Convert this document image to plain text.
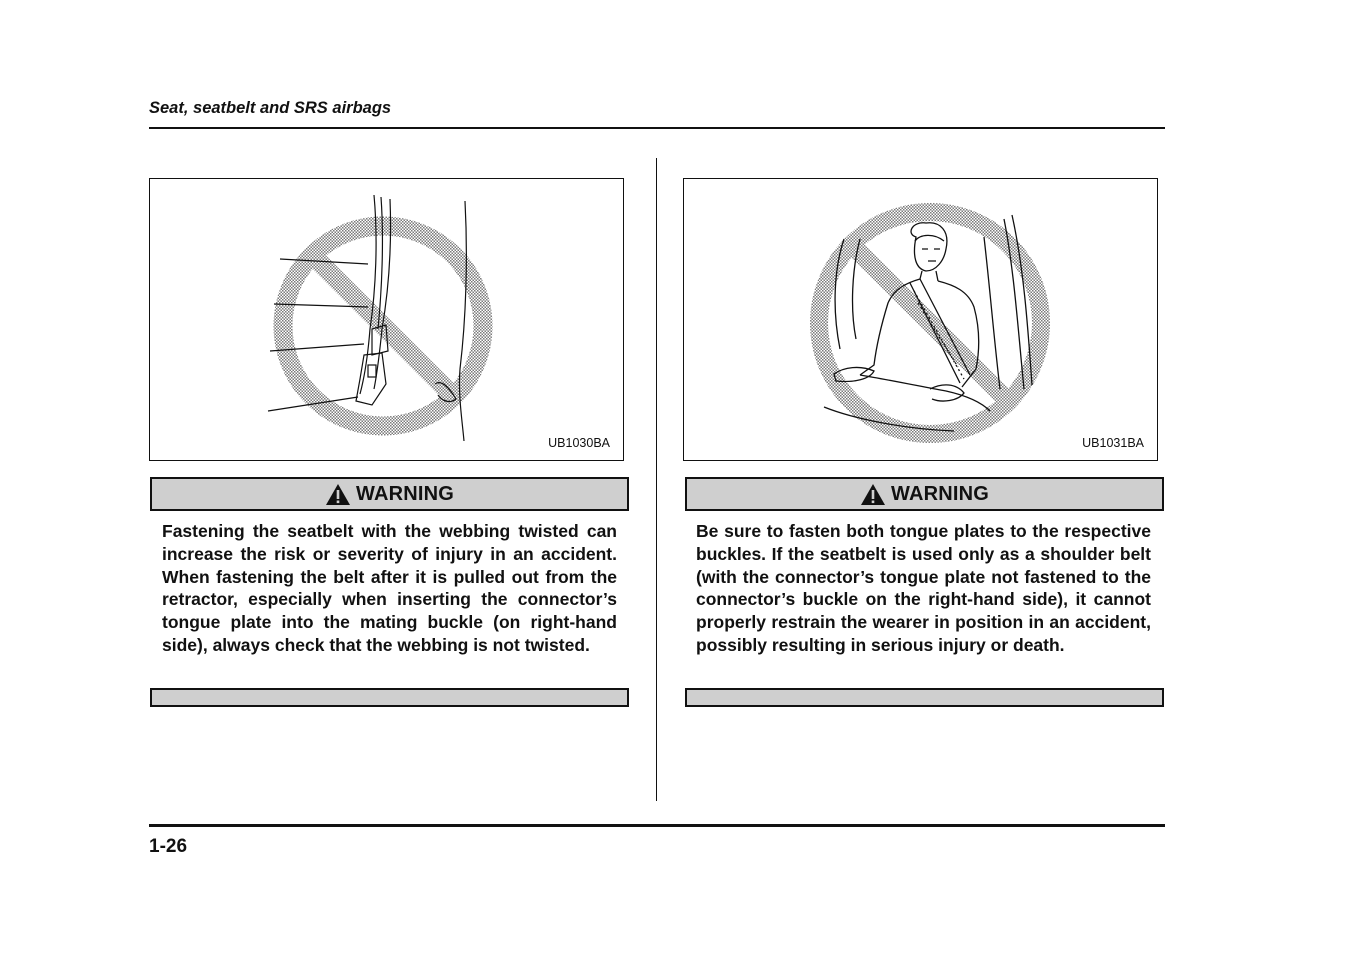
Seat, seatbelt and SRS airbags
UB1030BA
WARNING
Fastening the seatbelt with the webbing twisted can increase the risk or severity of injury in an accident. When fastening the belt after it is pulled out from the retractor, especially when inserting the connector’s tongue plate into the mating buckle (on right-hand side), always check that the webbing is not twisted.
UB1031BA
WARNING
Be sure to fasten both tongue plates to the respective buckles. If the seatbelt is used only as a shoulder belt (with the connector’s tongue plate not fastened to the connector’s buckle on the right-hand side), it cannot properly restrain the wearer in position in an accident, possibly resulting in serious injury or death.
1-26
